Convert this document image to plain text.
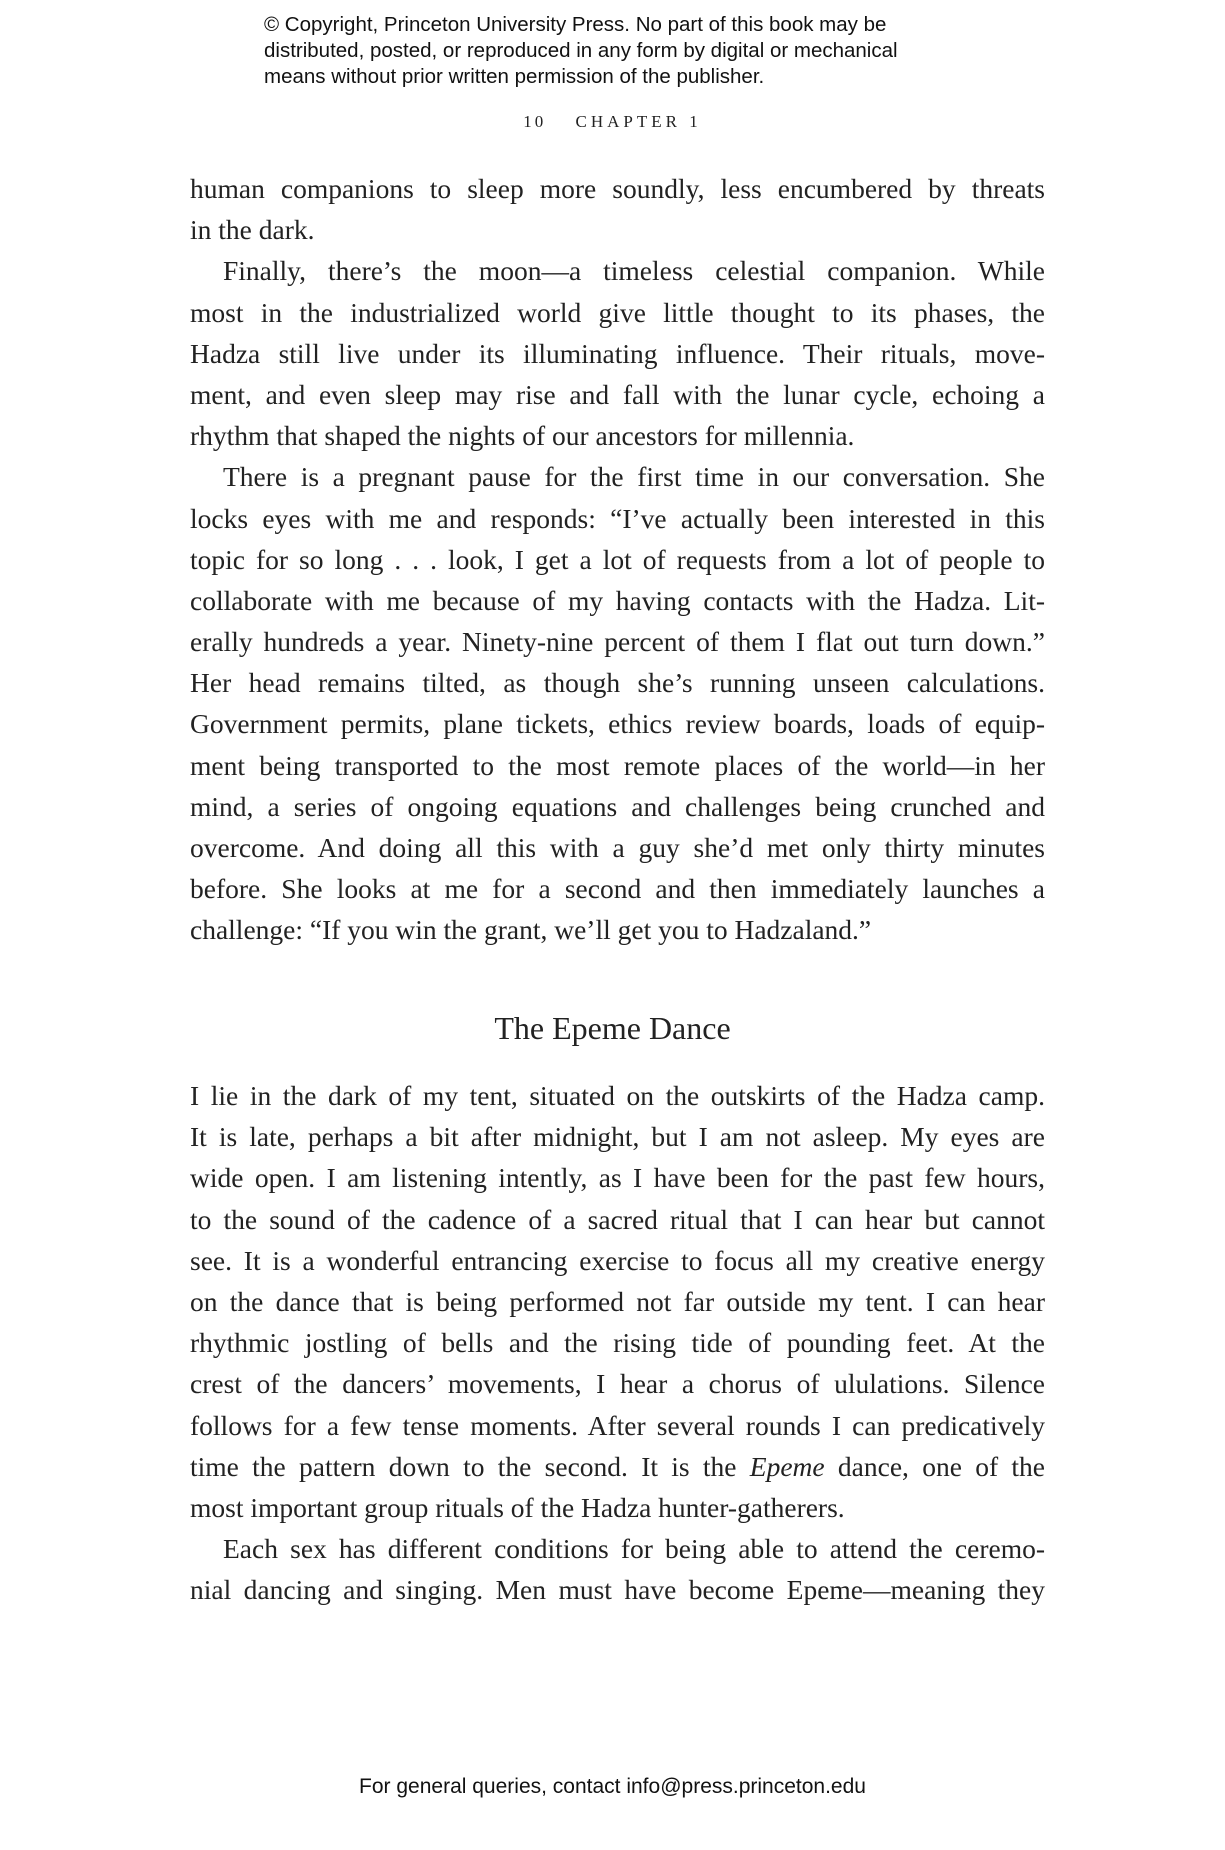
© Copyright, Princeton University Press. No part of this book may be
distributed, posted, or reproduced in any form by digital or mechanical
means without prior written permission of the publisher.
10 CHAPTER 1
human companions to sleep more soundly, less encumbered by threats
in the dark.
Finally, there’s the moon—a timeless celestial companion. While
most in the industrialized world give little thought to its phases, the
Hadza still live under its illuminating influence. Their rituals, move-
ment, and even sleep may rise and fall with the lunar cycle, echoing a
rhythm that shaped the nights of our ancestors for millennia.
There is a pregnant pause for the first time in our conversation. She
locks eyes with me and responds: “I’ve actually been interested in this
topic for so long . . . look, I get a lot of requests from a lot of people to
collaborate with me because of my having contacts with the Hadza. Lit-
erally hundreds a year. Ninety-nine percent of them I flat out turn down.”
Her head remains tilted, as though she’s running unseen calculations.
Government permits, plane tickets, ethics review boards, loads of equip-
ment being transported to the most remote places of the world—in her
mind, a series of ongoing equations and challenges being crunched and
overcome. And doing all this with a guy she’d met only thirty minutes
before. She looks at me for a second and then immediately launches a
challenge: “If you win the grant, we’ll get you to Hadzaland.”
The Epeme Dance
I lie in the dark of my tent, situated on the outskirts of the Hadza camp.
It is late, perhaps a bit after midnight, but I am not asleep. My eyes are
wide open. I am listening intently, as I have been for the past few hours,
to the sound of the cadence of a sacred ritual that I can hear but cannot
see. It is a wonderful entrancing exercise to focus all my creative energy
on the dance that is being performed not far outside my tent. I can hear
rhythmic jostling of bells and the rising tide of pounding feet. At the
crest of the dancers’ movements, I hear a chorus of ululations. Silence
follows for a few tense moments. After several rounds I can predicatively
time the pattern down to the second. It is the Epeme dance, one of the
most important group rituals of the Hadza hunter-gatherers.
Each sex has different conditions for being able to attend the ceremo-
nial dancing and singing. Men must have become Epeme—meaning they
For general queries, contact info@press.princeton.edu
